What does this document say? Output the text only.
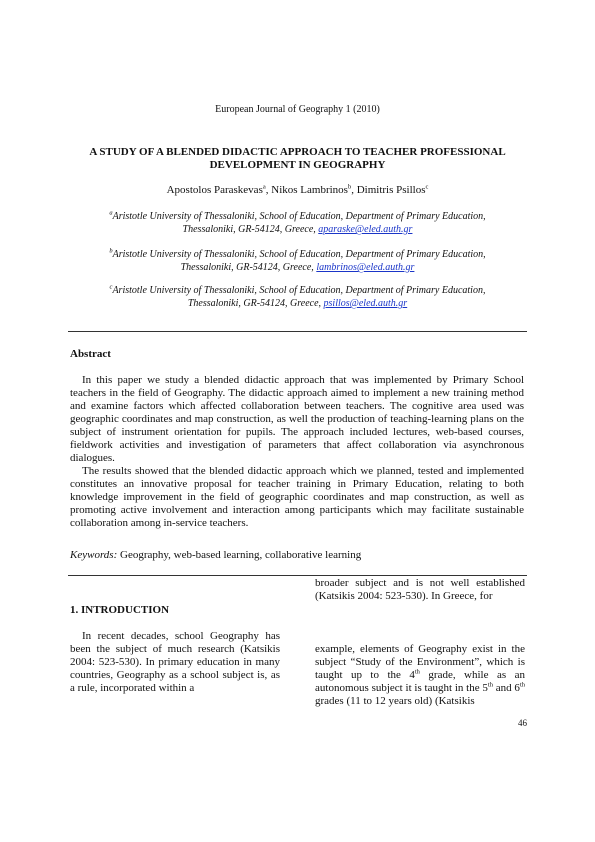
European Journal of Geography 1 (2010)
A STUDY OF A BLENDED DIDACTIC APPROACH TO TEACHER PROFESSIONAL DEVELOPMENT IN GEOGRAPHY
Apostolos Paraskevas$^a$, Nikos Lambrinos$^b$, Dimitris Psillos$^c$
$^a$Aristotle University of Thessaloniki, School of Education, Department of Primary Education,
Thessaloniki, GR-54124, Greece, aparaske@eled.auth.gr
$^b$Aristotle University of Thessaloniki, School of Education, Department of Primary Education,
Thessaloniki, GR-54124, Greece, lambrinos@eled.auth.gr
$^c$Aristotle University of Thessaloniki, School of Education, Department of Primary Education,
Thessaloniki, GR-54124, Greece, psillos@eled.auth.gr
Abstract

In this paper we study a blended didactic approach that was implemented by Primary School teachers in the field of Geography. The didactic approach aimed to implement a new training method and examine factors which affected collaboration between teachers. The cognitive area used was geographic coordinates and map construction, as well the production of teaching-learning plans on the subject of instrument orientation for pupils. The approach included lectures, web-based courses, fieldwork activities and investigation of parameters that affect collaboration via asynchronous dialogues.

The results showed that the blended didactic approach which we planned, tested and implemented constitutes an innovative proposal for teacher training in Primary Education, relating to both knowledge improvement in the field of geographic coordinates and map construction, as well as promoting active involvement and interaction among participants which may facilitate sustainable collaboration among in-service teachers.

Keywords: Geography, web-based learning, collaborative learning
1. INTRODUCTION
In recent decades, school Geography has been the subject of much research (Katsikis 2004: 523-530). In primary education in many countries, Geography as a school subject is, as a rule, incorporated within a
broader subject and is not well established (Katsikis 2004: 523-530). In Greece, for
example, elements of Geography exist in the subject “Study of the Environment”, which is taught up to the 4th grade, while as an autonomous subject it is taught in the 5th and 6th grades (11 to 12 years old) (Katsikis
46
